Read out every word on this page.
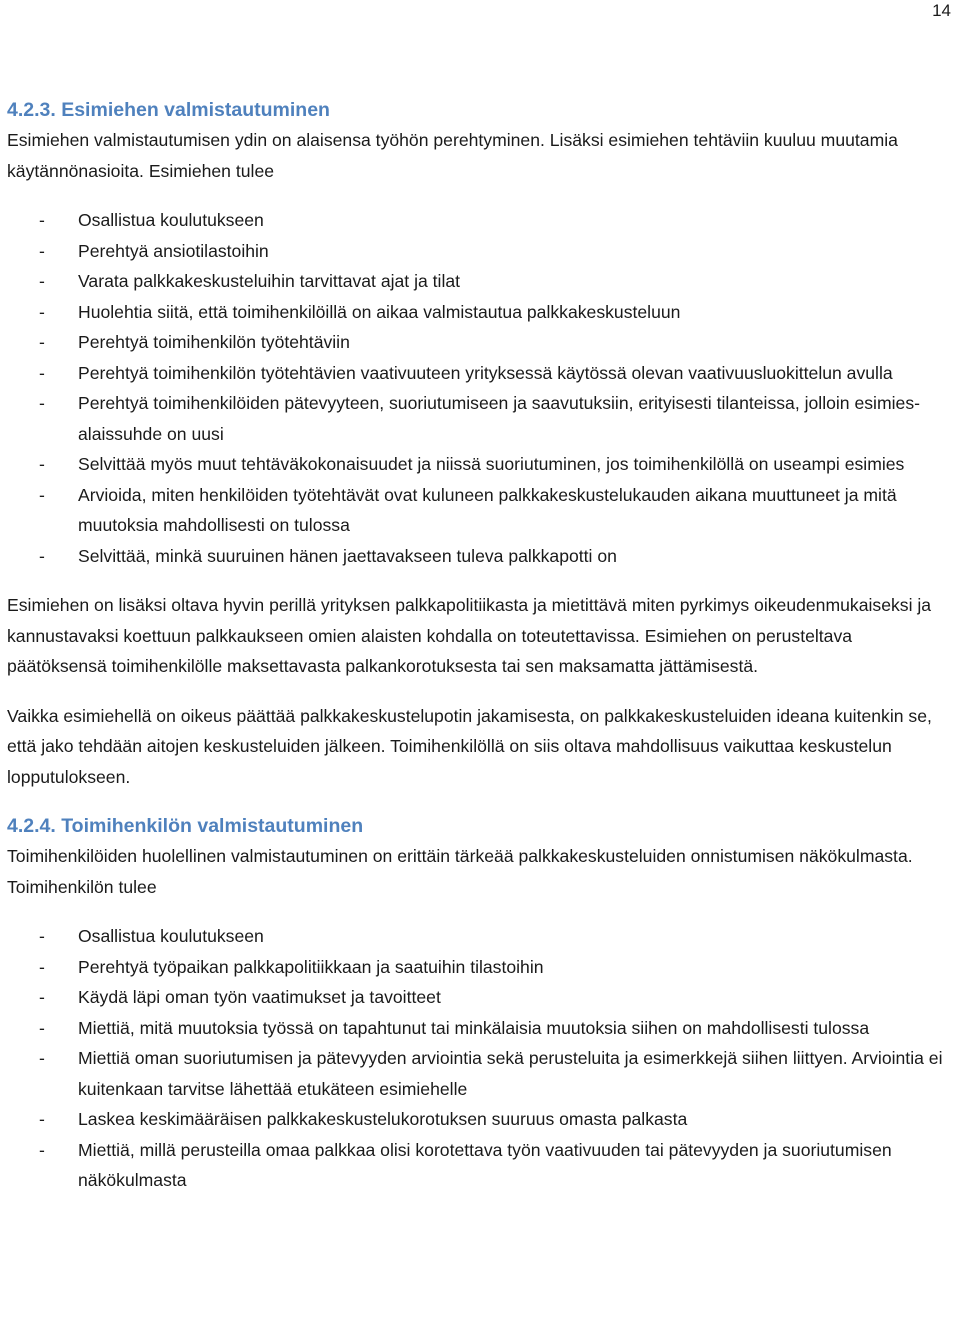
14
4.2.3. Esimiehen valmistautuminen

Esimiehen valmistautumisen ydin on alaisensa työhön perehtyminen. Lisäksi esimiehen tehtäviin kuuluu muutamia käytännönasioita. Esimiehen tulee

- Osallistua koulutukseen
- Perehtyä ansiotilastoihin
- Varata palkkakeskusteluihin tarvittavat ajat ja tilat
- Huolehtia siitä, että toimihenkilöillä on aikaa valmistautua palkkakeskusteluun
- Perehtyä toimihenkilön työtehtäviin
- Perehtyä toimihenkilön työtehtävien vaativuuteen yrityksessä käytössä olevan vaativuusluokittelun avulla
- Perehtyä toimihenkilöiden pätevyyteen, suoriutumiseen ja saavutuksiin, erityisesti tilanteissa, jolloin esimies-alaissuhde on uusi
- Selvittää myös muut tehtäväkokonaisuudet ja niissä suoriutuminen, jos toimihenkilöllä on useampi esimies
- Arvioida, miten henkilöiden työtehtävät ovat kuluneen palkkakeskustelukauden aikana muuttuneet ja mitä muutoksia mahdollisesti on tulossa
- Selvittää, minkä suuruinen hänen jaettavakseen tuleva palkkapotti on

Esimiehen on lisäksi oltava hyvin perillä yrityksen palkkapolitiikasta ja mietittävä miten pyrkimys oikeudenmukaiseksi ja kannustavaksi koettuun palkkaukseen omien alaisten kohdalla on toteutettavissa. Esimiehen on perusteltava päätöksensä toimihenkilölle maksettavasta palkankorotuksesta tai sen maksamatta jättämisestä.

Vaikka esimiehellä on oikeus päättää palkkakeskustelupotin jakamisesta, on palkkakeskusteluiden ideana kuitenkin se, että jako tehdään aitojen keskusteluiden jälkeen. Toimihenkilöllä on siis oltava mahdollisuus vaikuttaa keskustelun lopputulokseen.

4.2.4. Toimihenkilön valmistautuminen

Toimihenkilöiden huolellinen valmistautuminen on erittäin tärkeää palkkakeskusteluiden onnistumisen näkökulmasta. Toimihenkilön tulee

- Osallistua koulutukseen
- Perehtyä työpaikan palkkapolitiikkaan ja saatuihin tilastoihin
- Käydä läpi oman työn vaatimukset ja tavoitteet
- Miettiä, mitä muutoksia työssä on tapahtunut tai minkälaisia muutoksia siihen on mahdollisesti tulossa
- Miettiä oman suoriutumisen ja pätevyyden arviointia sekä perusteluita ja esimerkkejä siihen liittyen. Arviointia ei kuitenkaan tarvitse lähettää etukäteen esimiehelle
- Laskea keskimääräisen palkkakeskustelukorotuksen suuruus omasta palkasta
- Miettiä, millä perusteilla omaa palkkaa olisi korotettava työn vaativuuden tai pätevyyden ja suoriutumisen näkökulmasta
